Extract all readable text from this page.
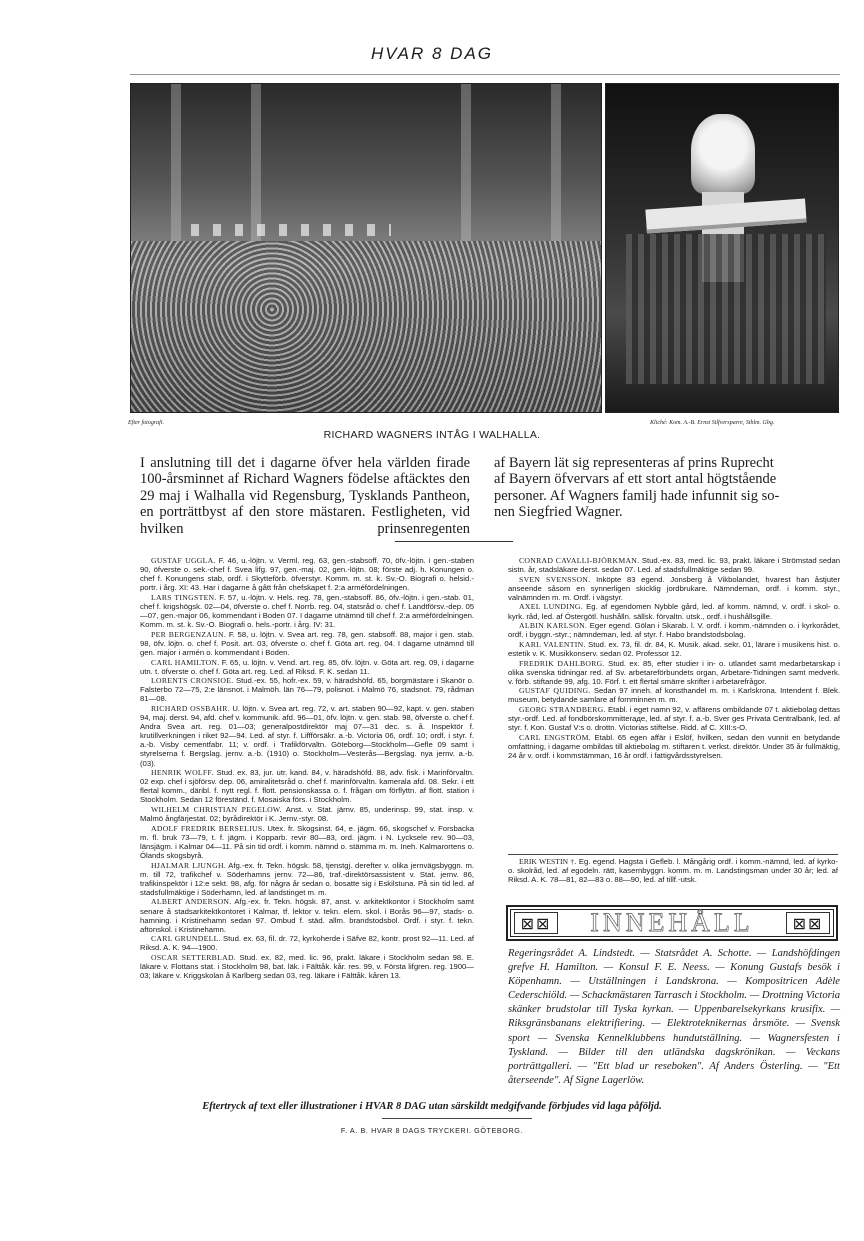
HVAR 8 DAG
Efter fotografi.	Kliché: Kom. A.-B. Ernst Silfversparre, Sthlm. Gbg.
RICHARD WAGNERS INTÅG I WALHALLA.

I anslutning till det i dagarne öfver hela världen firade 100-årsminnet af Richard Wagners födelse aftäcktes den 29 maj i Walhalla vid Regensburg, Tysklands Pantheon, en porträttbyst af den store mästaren. Festligheten, vid hvilken prinsenregenten

af Bayern lät sig representeras af prins Ruprecht
af Bayern öfvervars af ett stort antal högtstående
personer. Af Wagners familj hade infunnit sig so-
nen Siegfried Wagner.

GUSTAF UGGLA. F. 46, u.-löjtn. v. Verml. reg. 63, gen.-stabsoff. 70, öfv.-löjtn. i gen.-staben 90, öfverste o. sek.-chef f. Svea lifg. 97, gen.-maj. 02, gen.-löjtn. 08; förste adj. h. Konungen o. chef f. Konungens stab, ordf. i Skytteförb. öfverstyr. Komm. m. st. k. Sv.-O. Biografi o. helsid.-portr. i årg. XI: 43. Har i dagarne å gått från chefskapet f. 2:a arméfördelningen.

LARS TINGSTEN. F. 57, u.-löjtn. v. Hels. reg. 78, gen.-stabsoff. 86, öfv.-löjtn. i gen.-stab. 01, chef f. krigshögsk. 02—04, öfverste o. chef f. Norrb. reg. 04, statsråd o. chef f. Landtförsv.-dep. 05—07, gen.-major 06, kommendant i Boden 07. I dagarne utnämnd till chef f. 2:a arméfördelningen. Komm. m. st. k. Sv.-O. Biografi o. hels.-portr. i årg. IV: 31.

PER BERGENZAUN. F. 58, u. löjtn. v. Svea art. reg. 78, gen. stabsoff. 88, major i gen. stab. 98, öfv. löjtn. o. chef f. Posit. art. 03, öfverste o. chef f. Göta art. reg. 04. I dagarne utnämnd till gen. major i armén o. kommendant i Boden.

CARL HAMILTON. F. 65, u. löjtn. v. Vend. art. reg. 85, öfv. löjtn. v. Göta art. reg. 09, i dagarne utn. t. öfverste o. chef f. Göta art. reg. Led. af Riksd. F. K. sedan 11.

LORENTS CRONSIOE. Stud.-ex. 55, hofr.-ex. 59, v. häradshöfd. 65, borgmästare i Skanör o. Falsterbo 72—75, 2:e länsnot. i Malmöh. län 76—79, polisnot. i Malmö 76, stadsnot. 79, rådman 81—08.

RICHARD OSSBAHR. U. löjtn. v. Svea art. reg. 72, v. art. staben 90—92, kapt. v. gen. staben 94, maj. derst. 94, afd. chef v. kommunik. afd. 96—01, öfv. löjtn. v. gen. stab. 98, öfverste o. chef f. Andra Svea art. reg. 01—03; generalpostdirektör maj 07—31 dec. s. å. Inspektör f. krutillverkningen i riket 92—94. Led. af styr. f. Liffförsäkr. a.-b. Victoria 06, ordf. 10; ordf. i styr. f. a.-b. Visby cementfabr. 11; v. ordf. i Trafikförvaltn. Göteborg—Stockholm—Gefle 09 samt i styrelserna f. Bergslag. jernv. a.-b. (1910) o. Stockholm—Vesterås—Bergslag. nya jernv. a.-b. (03).

HENRIK WOLFF. Stud. ex. 83, jur. utr. kand. 84, v. häradshöfd. 88, adv. fisk. i Marinförvaltn. 02 exp. chef i sjöförsv. dep. 06, amiralitetsråd o. chef f. marinförvaltn. kameralа afd. 08. Sekr. i ett flertal komm., däribl. f. nytt regl. f. flott. pensionskassa o. f. frågan om förflyttn. af flott. station i Stockholm. Sedan 12 föreständ. f. Mosaiska förs. i Stockholm.

WILHELM CHRISTIAN PEGELOW. Anst. v. Stat. järnv. 85, underinsp. 99, stat. insp. v. Malmö ångfärjestat. 02; byrådirektör i K. Jernv.-styr. 08.

ADOLF FREDRIK BERSELIUS. Utex. fr. Skogsinst. 64, e. jägm. 66, skogschef v. Forsbacka m. fl. bruk 73—79, t. f. jägm. i Kopparb. revir 80—83, ord. jägm. i N. Lycksele rev. 90—03, länsjägm. i Kalmar 04—11. På sin tid ordf. i komm. nämnd o. stämma m. m. Ineh. Kalmarortens o. Ölands skogsbyrå.

HJALMAR LJUNGH. Afg.-ex. fr. Tekn. högsk. 58, tjenstgj. derefter v. olika jernvägsbyggn. m. m. till 72, trafikchef v. Söderhamns jernv. 72—86, traf.-direktörsassistent v. Stat. jernv. 86, trafikinspektör i 12:e sekt. 98, afg. för några år sedan o. bosatte sig i Eskilstuna. På sin tid led. af stadsfullmäktige i Söderhamn, led. af landstinget m. m.

ALBERT ANDERSON. Afg.-ex. fr. Tekn. högsk. 87, anst. v. arkitektkontor i Stockholm samt senare å stadsarkitektkontoret i Kalmar, tf. lektor v. tekn. elem. skol. i Borås 96—97, stads- o. hamning. i Kristinehamn sedan 97. Ombud f. städ. allm. brandstodsbol. Ordf. i styr. f. tekn. aftonskol. i Kristinehamn.

CARL GRUNDELL. Stud. ex. 63, fil. dr. 72, kyrkoherde i Säfve 82, kontr. prost 92—11. Led. af Riksd. A. K. 94—1900.

OSCAR SETTERBLAD. Stud. ex. 82, med. lic. 96, prakt. läkare i Stockholm sedan 98. E. läkare v. Flottans stat. i Stockholm 98, bat. läk. i Fälttåk. kår. res. 99, v. Första lifgren. reg. 1900—03; läkare v. Kriggskolan å Karlberg sedan 03, reg. läkare i Fälttåk. kåren 13.

CONRAD CAVALLI-BJÖRKMAN. Stud.-ex. 83, med. lic. 93, prakt. läkare i Strömstad sedan sistn. år, stadsläkare derst. sedan 07. Led. af stadsfullmäktige sedan 99.

SVEN SVENSSON. Inköpte 83 egend. Jonsberg å Vikbolandet, hvarest han åstjuter anseende såsom en synnerligen skicklig jordbrukare. Nämndeman, ordf. i komm. styr., valnämnden m. m. Ordf. i vägstyr.

AXEL LUNDING. Eg. af egendomen Nybble gård, led. af komm. nämnd, v. ordf. i skol- o. kyrk. råd, led. af Östergötl. hushålln. sällsk. förvaltn. utsk., ordf. i hushållsgille.

ALBIN KARLSON. Eger egend. Gölan i Skarab. l. V. ordf. i komm.-nämnden o. i kyrkorådet, ordf. i byggn.-styr.; nämndeman, led. af styr. f. Habo brandstodsbolag.

KARL VALENTIN. Stud. ex. 73, fil. dr. 84, K. Musik. akad. sekr. 01, lärare i musikens hist. o. estetik v. K. Musikkonserv. sedan 02. Professor 12.

FREDRIK DAHLBORG. Stud. ex. 85, efter studier i in- o. utlandet samt medarbetarskap i olika svenska tidningar red. af Sv. arbetareförbundets organ, Arbetare-Tidningen samt medverk. v. förb. stiftande 99, afg. 10. Förf. t. ett flertal smärre skrifter i arbetarefrågor.

GUSTAF QUIDING. Sedan 97 inneh. af konsthandel m. m. i Karlskrona. Intendent f. Blek. museum, betydande samlare af fornminnen m. m.

GEORG STRANDBERG. Etabl. i eget namn 92, v. affärens ombildande 07 t. aktiebolag dettas styr.-ordf. Led. af fondbörskommitteraде, led. af styr. f. a.-b. Sver ges Privata Centralbank, led. af styr. f. Kon. Gustaf V:s o. drottn. Victorias stiftelse. Ridd. af C. XIII:s-O.

CARL ENGSTRÖM. Etabl. 65 egen affär i Eslöf, hvilken, sedan den vunnit en betydande omfattning, i dagarne ombildas till aktiebolag m. stiftaren t. verkst. direktör. Under 35 år fullmäktig, 24 år v. ordf. i kommstämman, 16 år ordf. i fattigvårdsstyrelsen.

ERIK WESTIN †. Eg. egend. Hagsta i Gefleb. l. Mångårig ordf. i komm.-nämnd, led. af kyrko- o. skolråd, led. af egodeln. rätt, kasernbyggn. komm. m. m. Landstingsman under 30 år; led. af Riksd. A. K. 78—81, 82—83 o. 88—90, led. af tillf.-utsk.

⊠⊠ INNEHÅLL	⊠⊠

Regeringsrådet A. Lindstedt. — Statsrådet A. Schotte. — Landshöfdingen grefve H. Hamilton. — Konsul F. E. Neess. — Konung Gustafs besök i Köpenhamn. — Utställningen i Landskrona. — Kompositricen Adèle Cederschiöld. — Schackmästaren Tarrasch i Stockholm. — Drottning Victoria skänker brudstolar till Tyska kyrkan. — Uppenbarelsekyrkans krusifix. — Riksgränsbanans elektrifiering. — Elektroteknikernas årsmöte. — Svensk sport — Svenska Kennelklubbens hundutställning. — Wagnersfesten i Tyskland. — Bilder till den utländska dagskrönikan. — Veckans porträttgalleri. — "Ett blad ur reseboken". Af Anders Österling. — "Ett återseende". Af Signe Lagerlöw.

Eftertryck af text eller illustrationer i HVAR 8 DAG utan särskildt medgifvande förbjudes vid laga påföljd.
F. A. B. HVAR 8 DAGS TRYCKERI. GÖTEBORG.
